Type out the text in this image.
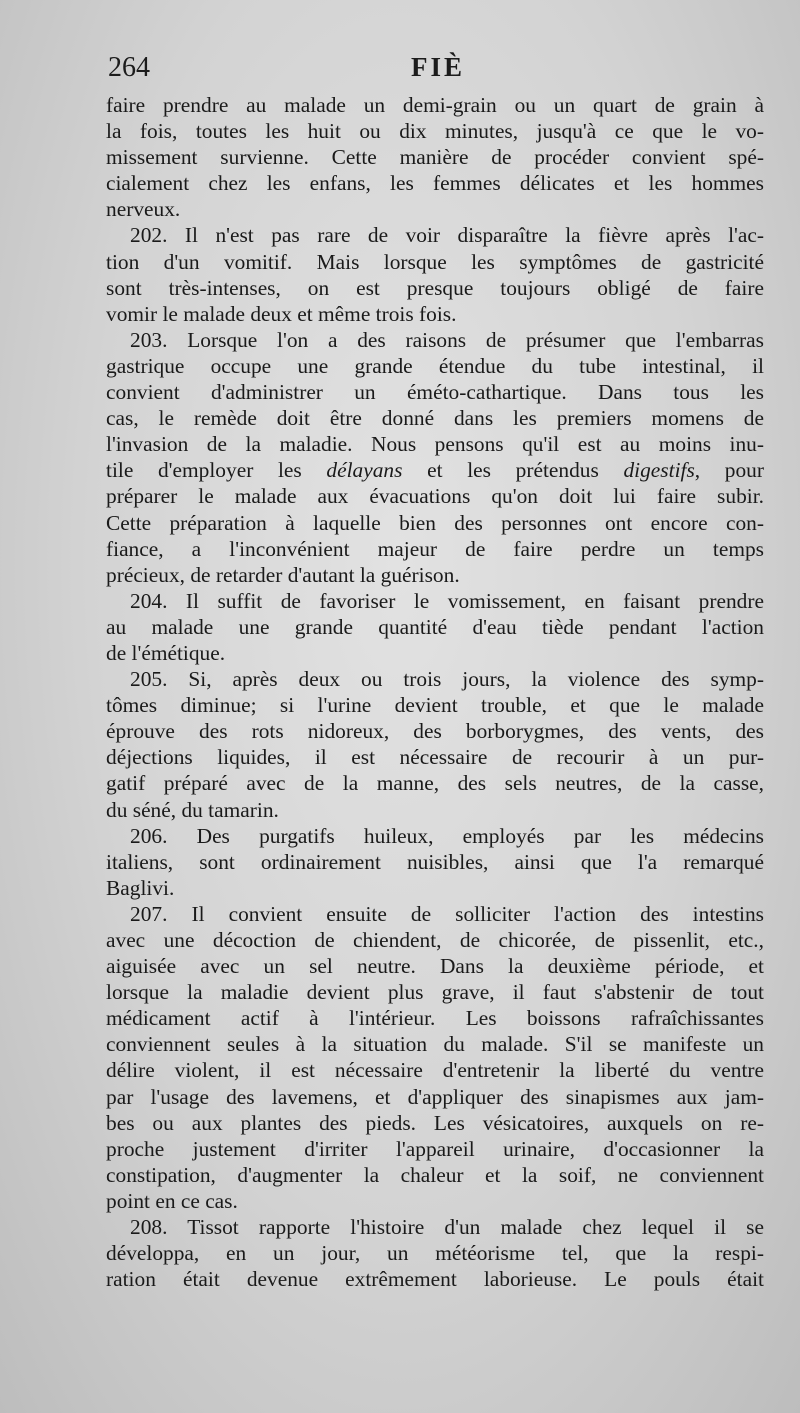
264	FIÈ
faire prendre au malade un demi-grain ou un quart de grain à
la fois, toutes les huit ou dix minutes, jusqu'à ce que le vo-
missement survienne. Cette manière de procéder convient spé-
cialement chez les enfans, les femmes délicates et les hommes
nerveux.
202. Il n'est pas rare de voir disparaître la fièvre après l'ac-
tion d'un vomitif. Mais lorsque les symptômes de gastricité
sont très-intenses, on est presque toujours obligé de faire
vomir le malade deux et même trois fois.
203. Lorsque l'on a des raisons de présumer que l'embarras
gastrique occupe une grande étendue du tube intestinal, il
convient d'administrer un éméto-cathartique. Dans tous les
cas, le remède doit être donné dans les premiers momens de
l'invasion de la maladie. Nous pensons qu'il est au moins inu-
tile d'employer les délayans et les prétendus digestifs, pour
préparer le malade aux évacuations qu'on doit lui faire subir.
Cette préparation à laquelle bien des personnes ont encore con-
fiance, a l'inconvénient majeur de faire perdre un temps
précieux, de retarder d'autant la guérison.
204. Il suffit de favoriser le vomissement, en faisant prendre
au malade une grande quantité d'eau tiède pendant l'action
de l'émétique.
205. Si, après deux ou trois jours, la violence des symp-
tômes diminue; si l'urine devient trouble, et que le malade
éprouve des rots nidoreux, des borborygmes, des vents, des
déjections liquides, il est nécessaire de recourir à un pur-
gatif préparé avec de la manne, des sels neutres, de la casse,
du séné, du tamarin.
206. Des purgatifs huileux, employés par les médecins
italiens, sont ordinairement nuisibles, ainsi que l'a remarqué
Baglivi.
207. Il convient ensuite de solliciter l'action des intestins
avec une décoction de chiendent, de chicorée, de pissenlit, etc.,
aiguisée avec un sel neutre. Dans la deuxième période, et
lorsque la maladie devient plus grave, il faut s'abstenir de tout
médicament actif à l'intérieur. Les boissons rafraîchissantes
conviennent seules à la situation du malade. S'il se manifeste un
délire violent, il est nécessaire d'entretenir la liberté du ventre
par l'usage des lavemens, et d'appliquer des sinapismes aux jam-
bes ou aux plantes des pieds. Les vésicatoires, auxquels on re-
proche justement d'irriter l'appareil urinaire, d'occasionner la
constipation, d'augmenter la chaleur et la soif, ne conviennent
point en ce cas.
208. Tissot rapporte l'histoire d'un malade chez lequel il se
développa, en un jour, un météorisme tel, que la respi-
ration était devenue extrêmement laborieuse. Le pouls était
